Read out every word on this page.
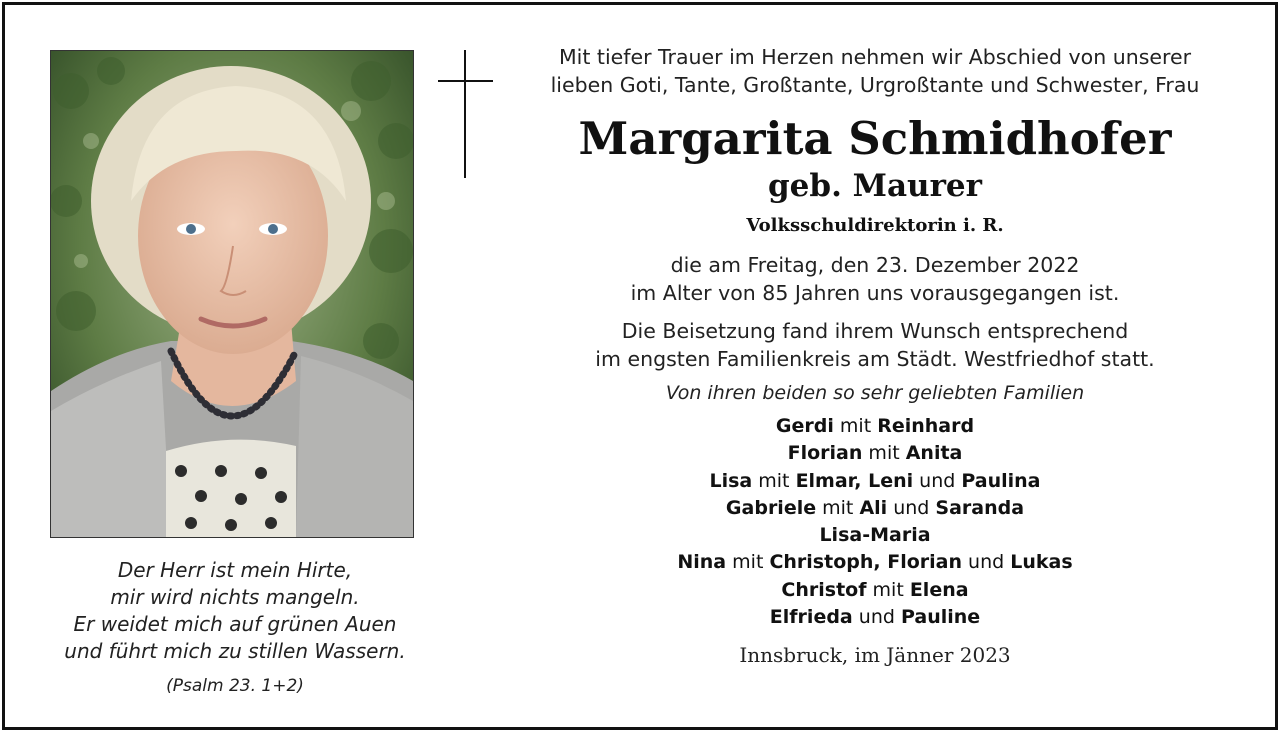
Der Herr ist mein Hirte,
mir wird nichts mangeln.
Er weidet mich auf grünen Auen
und führt mich zu stillen Wassern.
(Psalm 23. 1+2)
Mit tiefer Trauer im Herzen nehmen wir Abschied von unserer
lieben Goti, Tante, Großtante, Urgroßtante und Schwester, Frau
Margarita Schmidhofer
geb. Maurer
Volksschuldirektorin i. R.
die am Freitag, den 23. Dezember 2022
im Alter von 85 Jahren uns vorausgegangen ist.
Die Beisetzung fand ihrem Wunsch entsprechend
im engsten Familienkreis am Städt. Westfriedhof statt.
Von ihren beiden so sehr geliebten Familien
Gerdi mit Reinhard
Florian mit Anita
Lisa mit Elmar, Leni und Paulina
Gabriele mit Ali und Saranda
Lisa-Maria
Nina mit Christoph, Florian und Lukas
Christof mit Elena
Elfrieda und Pauline
Innsbruck, im Jänner 2023
